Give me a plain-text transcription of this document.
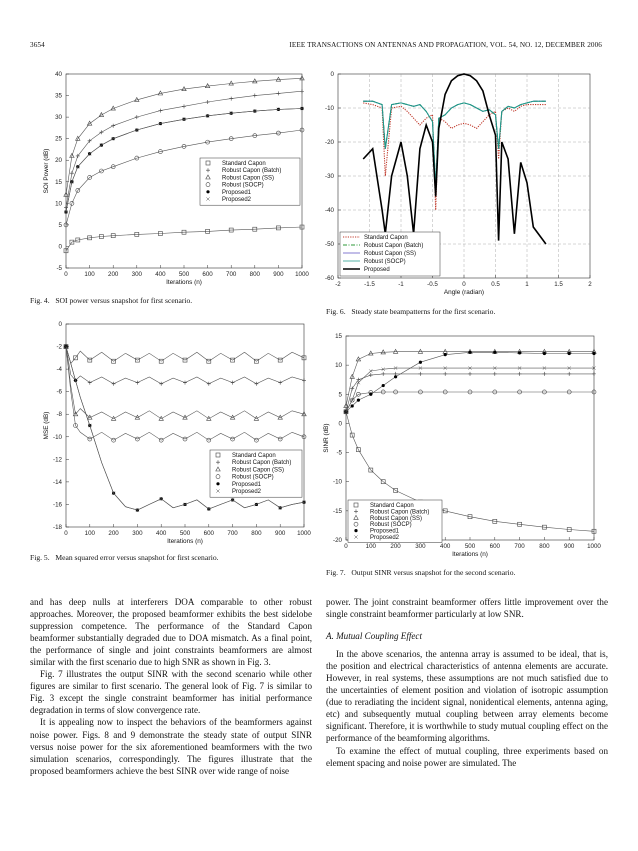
3654	IEEE TRANSACTIONS ON ANTENNAS AND PROPAGATION, VOL. 54, NO. 12, DECEMBER 2006
0	100 200 300 400 500 600 700 800 900 1000
-5
0
5
10
15
20
25
30
35
40
Iterations (n)
SOI Power (dB)	Standard Capon
Robust Capon (Batch)
Robust Capon (SS)
Robust (SOCP)
Proposed1
Proposed2
Fig. 4. SOI power versus snapshot for first scenario.
0	100 200 300 400 500 600 700 800 900 1000
-18
-16
-14
-12
-10
-8
-6
-4
-2
0
Iterations (n)
MSE (dB)
Standard Capon
Robust Capon (Batch)
Robust Capon (SS)
Robust (SOCP)
Proposed1
Proposed2
Fig. 5. Mean squared error versus snapshot for first scenario.
-2	-1.5	-1	-0.5	0	0.5	1	1.5	2
-60
-50
-40
-30
-20
-10
0
Angle (radian)
Standard Capon
Robust Capon (Batch)
Robust Capon (SS)
Robust (SOCP)
Proposed
Fig. 6. Steady state beampatterns for the first scenario.
0	100 200 300 400 500 600 700 800 900 1000
-20
-15
-10
-5
0
5
10
15
Iterations (n)
SINR (dB)
Standard Capon
Robust Capon (Batch)
Robust Capon (SS)
Robust (SOCP)
Proposed1
Proposed2
Fig. 7. Output SINR versus snapshot for the second scenario.

and has deep nulls at interferers DOA comparable to other robust approaches. Moreover, the proposed beamformer exhibits the best sidelobe suppression competence. The performance of the Standard Capon beamformer substantially degraded due to DOA mismatch. As a final point, the performance of single and joint constraints beamformers are almost similar with the first scenario due to high SNR as shown in Fig. 3.

Fig. 7 illustrates the output SINR with the second scenario while other figures are similar to first scenario. The general look of Fig. 7 is similar to Fig. 3 except the single constraint beamformer has initial performance degradation in terms of slow convergence rate.

It is appealing now to inspect the behaviors of the beamformers against noise power. Figs. 8 and 9 demonstrate the steady state of output SINR versus noise power for the six aforementioned beamformers with the two simulation scenarios, correspondingly. The figures illustrate that the proposed beamformers achieve the best SINR over wide range of noise

power. The joint constraint beamformer offers little improvement over the single constraint beamformer particularly at low SNR.

A. Mutual Coupling Effect

In the above scenarios, the antenna array is assumed to be ideal, that is, the position and electrical characteristics of antenna elements are accurate. However, in real systems, these assumptions are not much satisfied due to the uncertainties of element position and violation of isotropic assumption (due to reradiating the incident signal, nonidentical elements, antenna aging, etc) and subsequently mutual coupling between array elements become significant. Therefore, it is worthwhile to study mutual coupling effect on the performance of the beamforming algorithms.

To examine the effect of mutual coupling, three experiments based on element spacing and noise power are simulated. The
